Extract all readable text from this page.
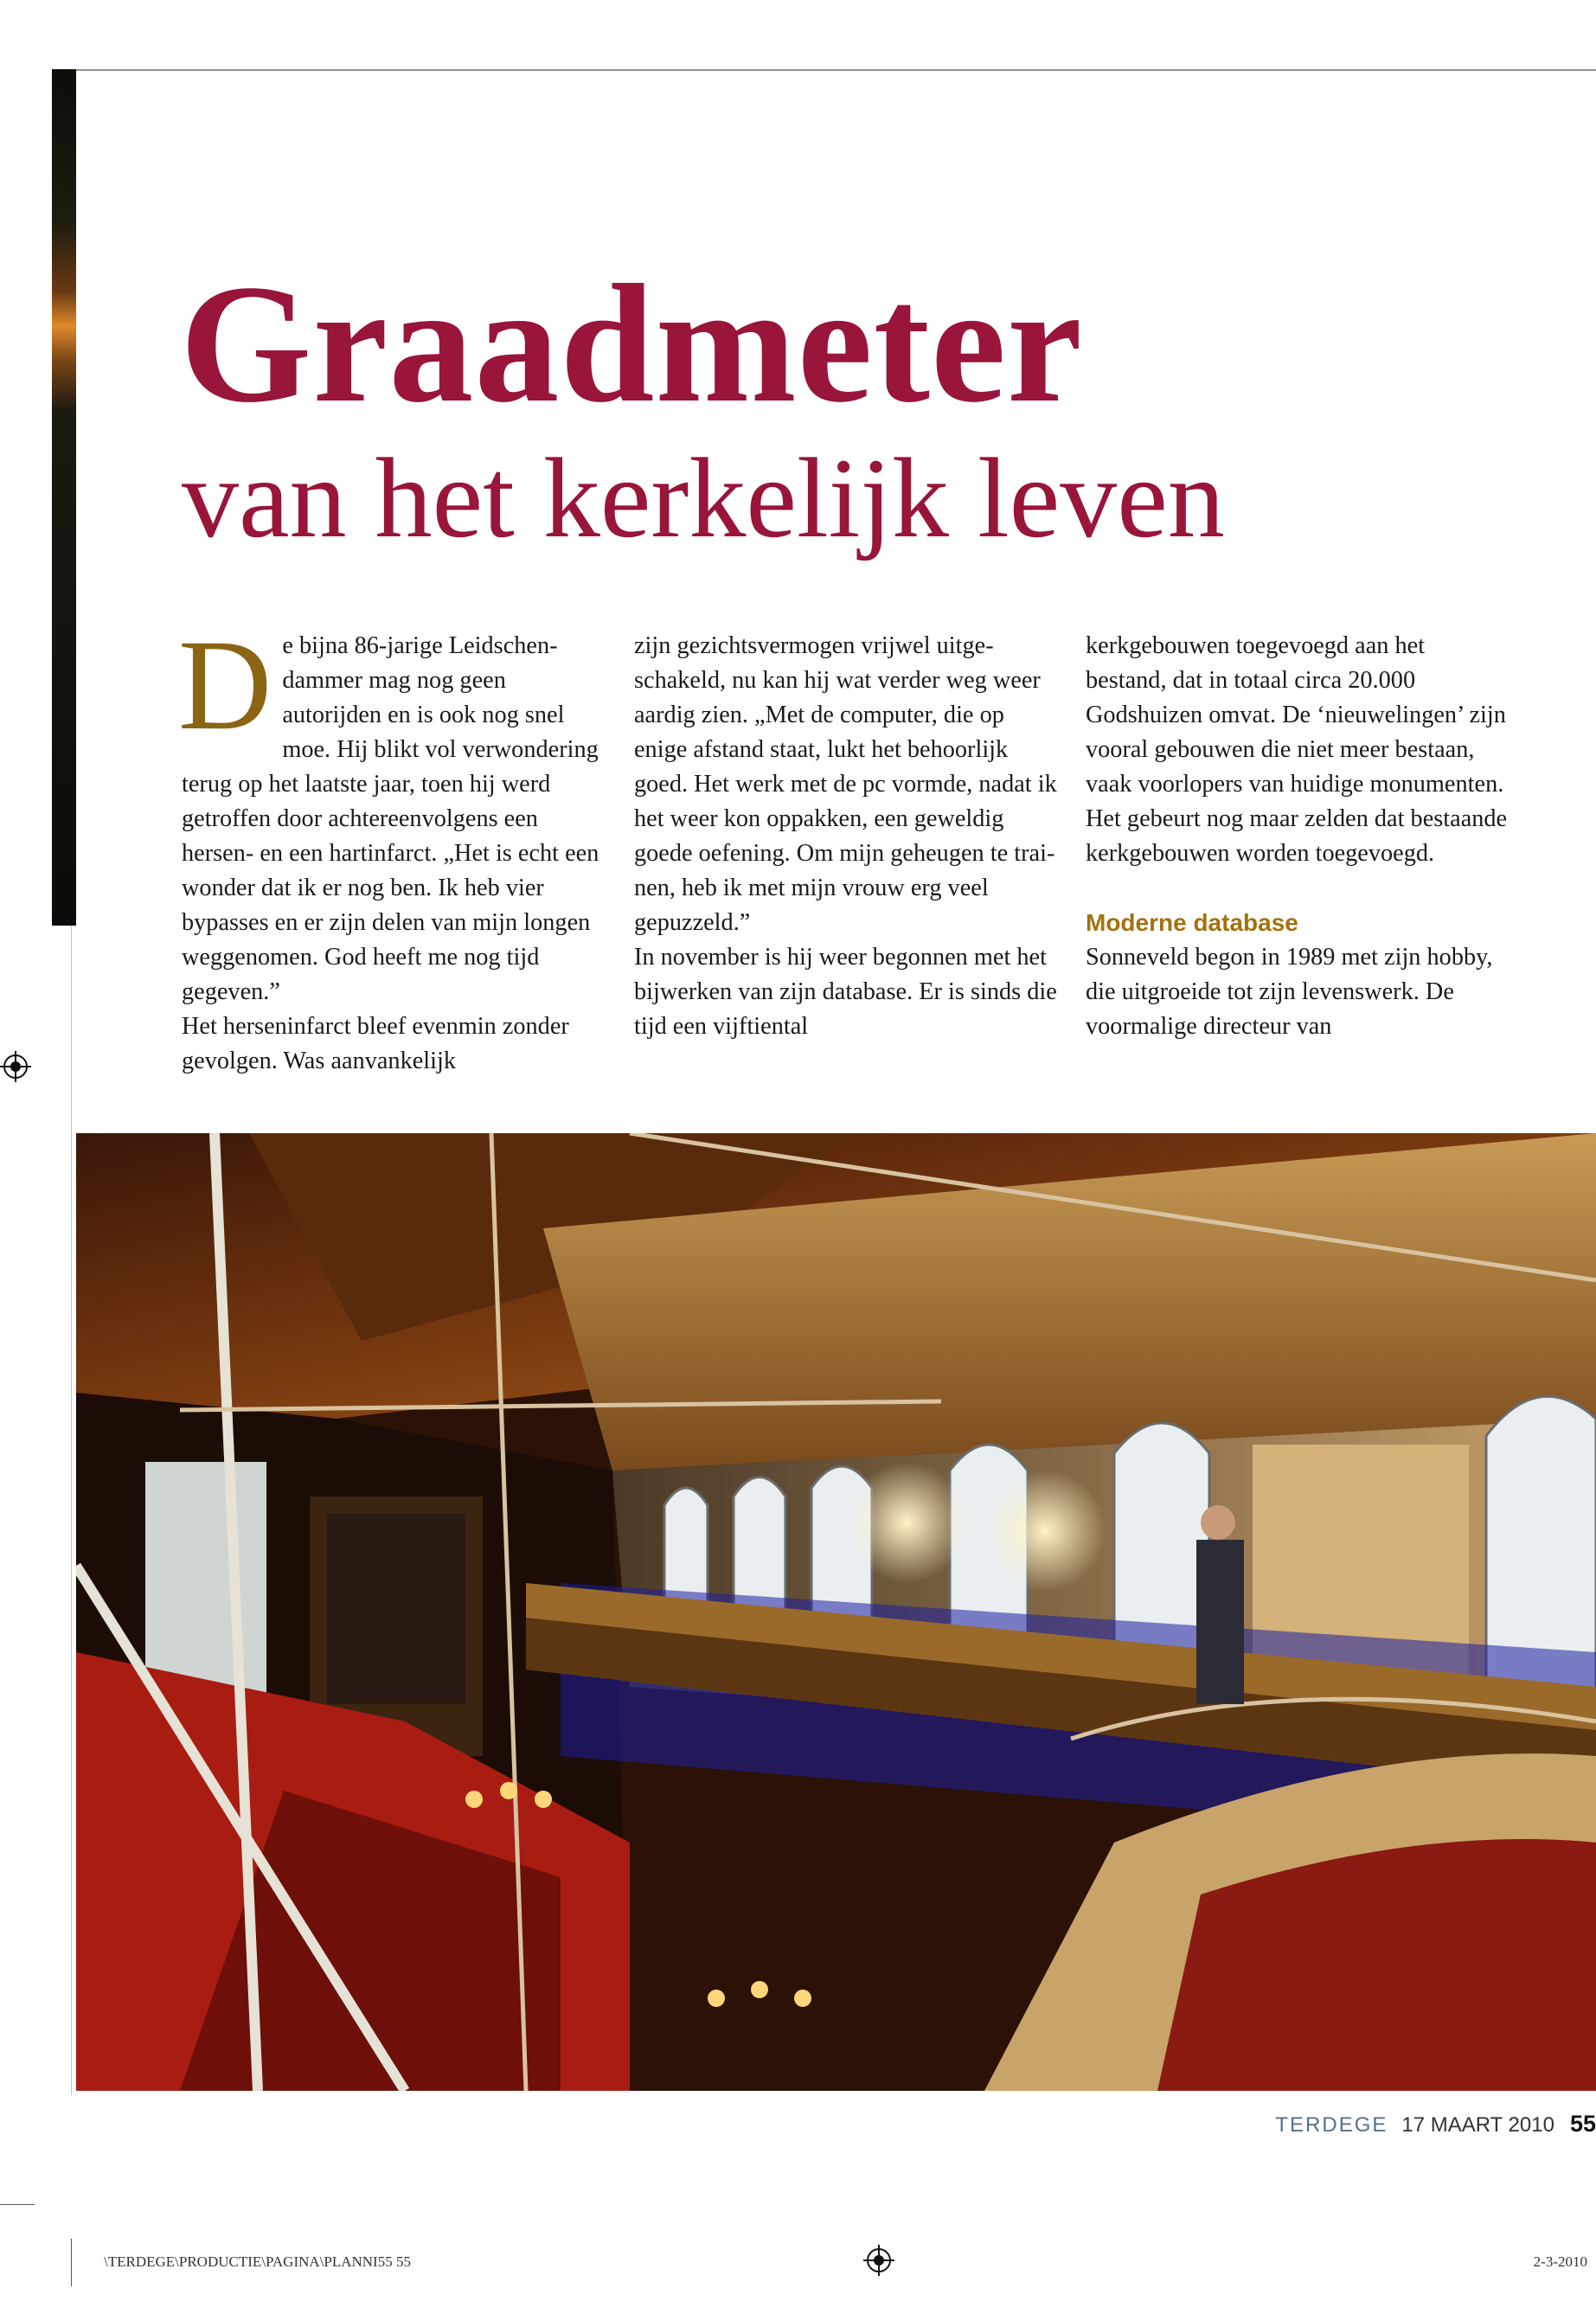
Graadmeter
van het kerkelijk leven
D e bijna 86-jarige Leidschendammer mag nog geen autorijden en is ook nog snel moe. Hij blikt vol verwondering terug op het laatste jaar, toen hij werd getroffen door achtereenvolgens een hersen- en een hartinfarct. „Het is echt een wonder dat ik er nog ben. Ik heb vier bypasses en er zijn delen van mijn longen weggenomen. God heeft me nog tijd gegeven.”

Het herseninfarct bleef evenmin zonder gevolgen. Was aanvankelijk

zijn gezichtsvermogen vrijwel uitgeschakeld, nu kan hij wat verder weg weer aardig zien. „Met de computer, die op enige afstand staat, lukt het behoorlijk goed. Het werk met de pc vormde, nadat ik het weer kon oppakken, een geweldig goede oefening. Om mijn geheugen te trainen, heb ik met mijn vrouw erg veel gepuzzeld.”

In november is hij weer begonnen met het bijwerken van zijn database. Er is sinds die tijd een vijftiental

kerkgebouwen toegevoegd aan het bestand, dat in totaal circa 20.000 Godshuizen omvat. De ‘nieuwelingen’ zijn vooral gebouwen die niet meer bestaan, vaak voorlopers van huidige monumenten. Het gebeurt nog maar zelden dat bestaande kerkgebouwen worden toegevoegd.

Moderne database

Sonneveld begon in 1989 met zijn hobby, die uitgroeide tot zijn levenswerk. De voormalige directeur van

TERDEGE 17 MAART 2010 55
\TERDEGE\PRODUCTIE\PAGINA\PLANNI55 55	2-3-2010
